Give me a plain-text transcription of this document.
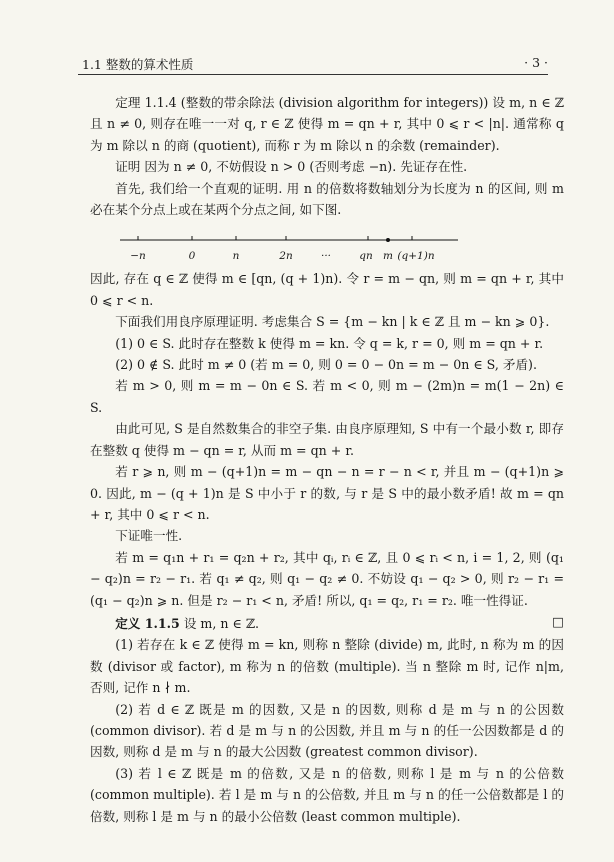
1.1 整数的算术性质	· 3 ·

定理 1.1.4 (整数的带余除法 (division algorithm for integers)) 设 m, n ∈ ℤ 且 n ≠ 0, 则存在唯一一对 q, r ∈ ℤ 使得 m = qn + r, 其中 0 ⩽ r < |n|. 通常称 q 为 m 除以 n 的商 (quotient), 而称 r 为 m 除以 n 的余数 (remainder).

证明 因为 n ≠ 0, 不妨假设 n > 0 (否则考虑 −n). 先证存在性.

首先, 我们给一个直观的证明. 用 n 的倍数将数轴划分为长度为 n 的区间, 则 m 必在某个分点上或在某两个分点之间, 如下图.

−n	0	n	2n	···	qn m (q+1)n

因此, 存在 q ∈ ℤ 使得 m ∈ [qn, (q + 1)n). 令 r = m − qn, 则 m = qn + r, 其中 0 ⩽ r < n.

下面我们用良序原理证明. 考虑集合 S = {m − kn | k ∈ ℤ 且 m − kn ⩾ 0}.

(1) 0 ∈ S. 此时存在整数 k 使得 m = kn. 令 q = k, r = 0, 则 m = qn + r.

(2) 0 ∉ S. 此时 m ≠ 0 (若 m = 0, 则 0 = 0 − 0n = m − 0n ∈ S, 矛盾).

若 m > 0, 则 m = m − 0n ∈ S. 若 m < 0, 则 m − (2m)n = m(1 − 2n) ∈ S.

由此可见, S 是自然数集合的非空子集. 由良序原理知, S 中有一个最小数 r, 即存在整数 q 使得 m − qn = r, 从而 m = qn + r.

若 r ⩾ n, 则 m − (q+1)n = m − qn − n = r − n < r, 并且 m − (q+1)n ⩾ 0. 因此, m − (q + 1)n 是 S 中小于 r 的数, 与 r 是 S 中的最小数矛盾! 故 m = qn + r, 其中 0 ⩽ r < n.

下证唯一性.

若 m = q₁n + r₁ = q₂n + r₂, 其中 qᵢ, rᵢ ∈ ℤ, 且 0 ⩽ rᵢ < n, i = 1, 2, 则 (q₁ − q₂)n = r₂ − r₁. 若 q₁ ≠ q₂, 则 q₁ − q₂ ≠ 0. 不妨设 q₁ − q₂ > 0, 则 r₂ − r₁ = (q₁ − q₂)n ⩾ n. 但是 r₂ − r₁ < n, 矛盾! 所以, q₁ = q₂, r₁ = r₂. 唯一性得证.
□

定义 1.1.5 设 m, n ∈ ℤ.

(1) 若存在 k ∈ ℤ 使得 m = kn, 则称 n 整除 (divide) m, 此时, n 称为 m 的因数 (divisor 或 factor), m 称为 n 的倍数 (multiple). 当 n 整除 m 时, 记作 n|m, 否则, 记作 n ∤ m.

(2) 若 d ∈ ℤ 既是 m 的因数, 又是 n 的因数, 则称 d 是 m 与 n 的公因数 (common divisor). 若 d 是 m 与 n 的公因数, 并且 m 与 n 的任一公因数都是 d 的因数, 则称 d 是 m 与 n 的最大公因数 (greatest common divisor).

(3) 若 l ∈ ℤ 既是 m 的倍数, 又是 n 的倍数, 则称 l 是 m 与 n 的公倍数 (common multiple). 若 l 是 m 与 n 的公倍数, 并且 m 与 n 的任一公倍数都是 l 的倍数, 则称 l 是 m 与 n 的最小公倍数 (least common multiple).
